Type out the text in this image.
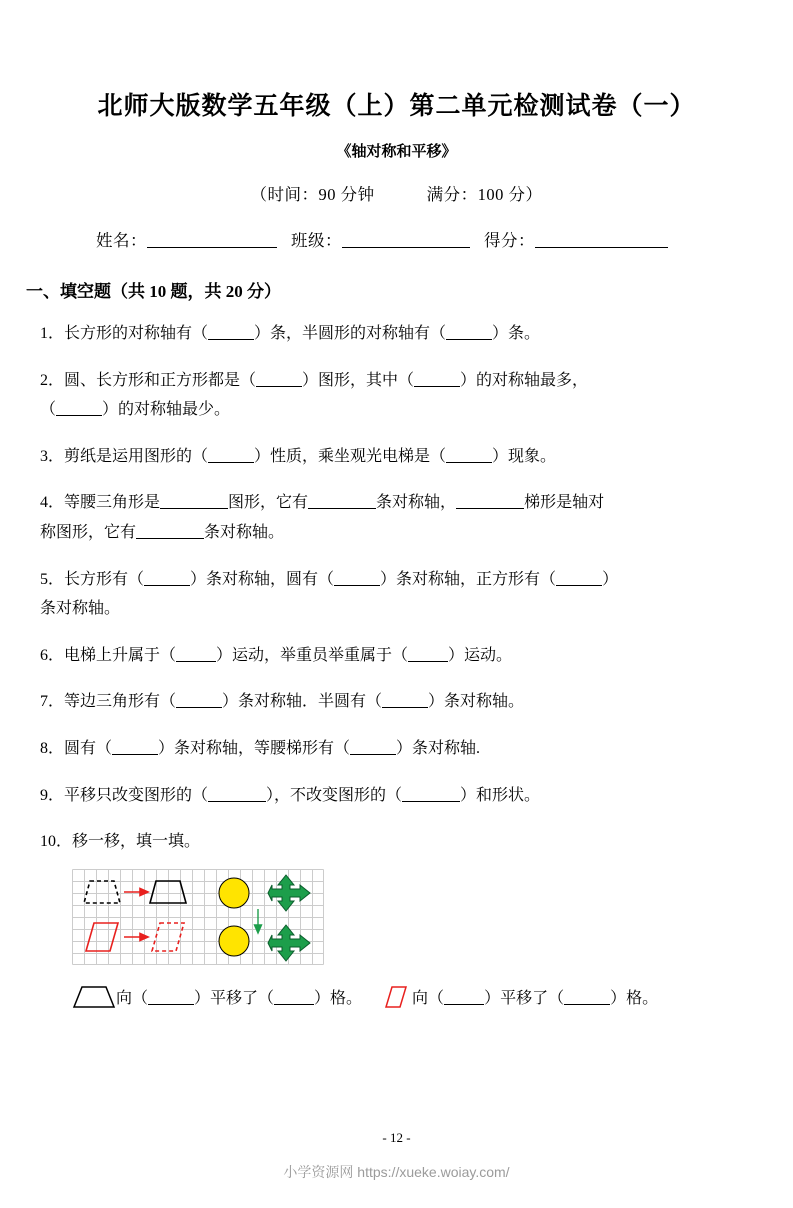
北师大版数学五年级（上）第二单元检测试卷（一）
《轴对称和平移》
（时间：90 分钟	满分：100 分）
姓名：	班级：	得分：
一、填空题（共 10 题，共 20 分）
1．长方形的对称轴有（	）条，半圆形的对称轴有（	）条。
2．圆、长方形和正方形都是（	）图形，其中（	）的对称轴最多，
（	）的对称轴最少。
3．剪纸是运用图形的（	）性质，乘坐观光电梯是（	）现象。
4．等腰三角形是	图形，它有	条对称轴，	梯形是轴对
称图形，它有	条对称轴。
5．长方形有（	）条对称轴，圆有（	）条对称轴，正方形有（	）
条对称轴。
6．电梯上升属于（	）运动，举重员举重属于（	）运动。
7．等边三角形有（	）条对称轴．半圆有（	）条对称轴。
8．圆有（	）条对称轴，等腰梯形有（	）条对称轴.
9．平移只改变图形的（	），不改变图形的（	）和形状。
10．移一移，填一填。
向（	）平移了（	）格。	向（	）平移了（	）格。
- 12 -
小学资源网 https://xueke.woiay.com/
